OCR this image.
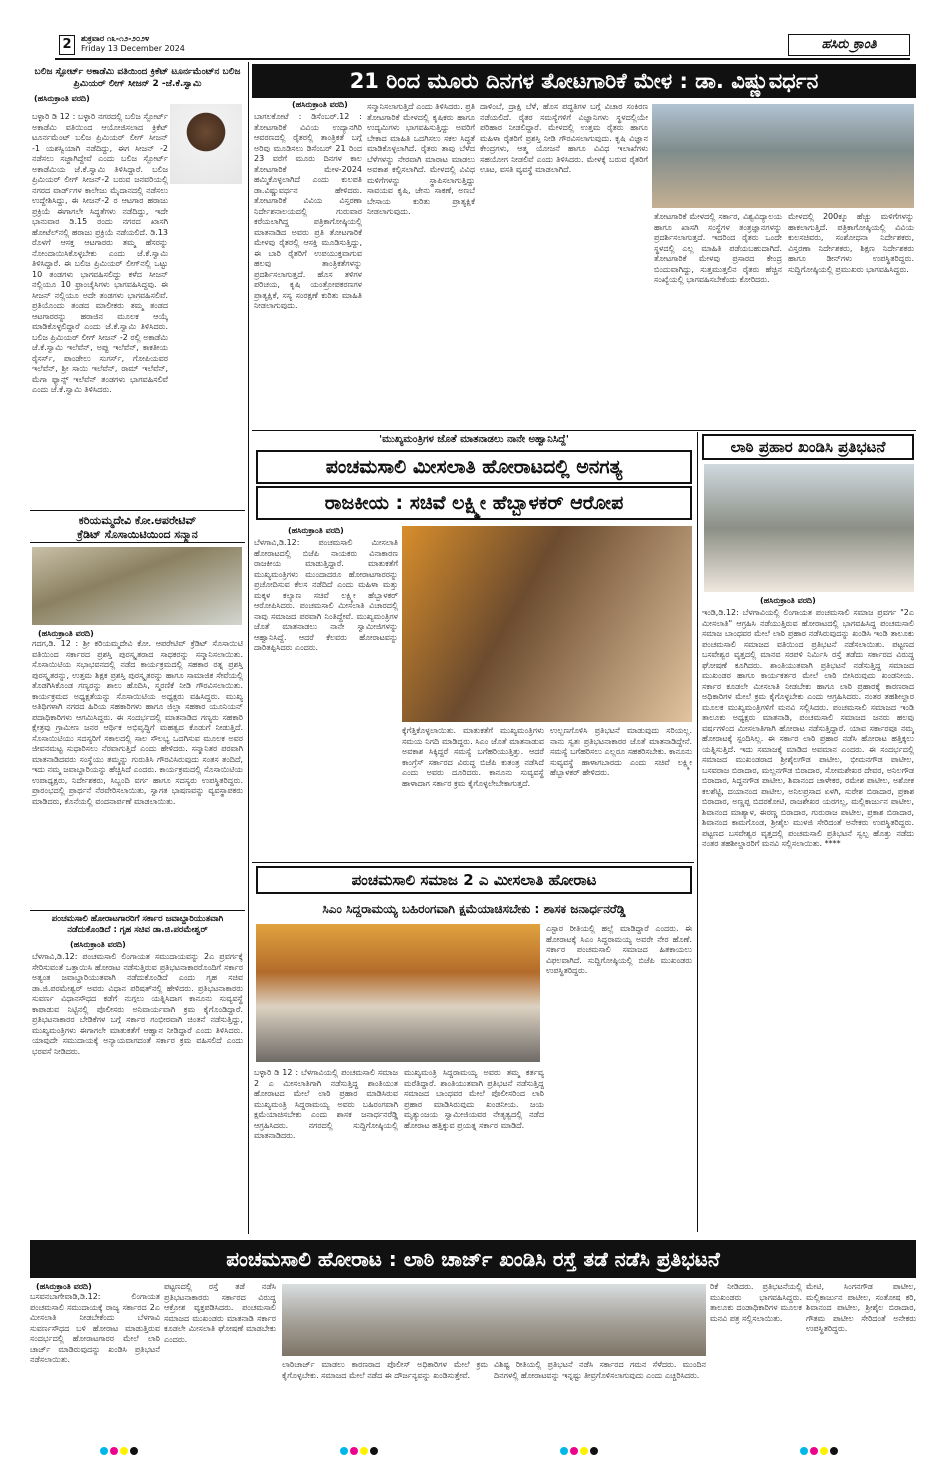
2	ಶುಕ್ರವಾರ ೧೩-೧೨-೨೦೨೪
Friday 13 December 2024	ಹಸಿರು ಕ್ರಾಂತಿ
ಬಲಿಜ ಸ್ಪೋರ್ಟ್ ಅಕಾಡೆಮಿ ವತಿಯಿಂದ ಕ್ರಿಕೆಟ್ ಟೂರ್ನಮೆಂಟ್‌ನ ಬಲಿಜ ಪ್ರಿಮಿಯರ್ ಲೀಗ್ ಸೀಜನ್ 2 -ಜೆ.ಕೆ.ಸ್ವಾಮಿ
(ಹಸಿರುಕ್ರಾಂತಿ ವರದಿ)
ಬಳ್ಳಾರಿ ಡಿ 12 : ಬಳ್ಳಾರಿ ನಗರದಲ್ಲಿ ಬಲಿಜ ಸ್ಪೋರ್ಟ್ ಅಕಾಡೆಮಿ ವತಿಯಿಂದ ಆಯೋಜಿಸಲಾದ ಕ್ರಿಕೆಟ್ ಟೂರ್ನಮೆಂಟ್ ಬಲಿಜ ಪ್ರಿಮಿಯರ್ ಲೀಗ್ ಸೀಜನ್ -1 ಯಶಸ್ವಿಯಾಗಿ ನಡೆದಿದ್ದು, ಈಗ ಸೀಜನ್ -2 ನಡೆಸಲು ಸಜ್ಜಾಗಿದ್ದೇವೆ ಎಂದು ಬಲಿಜ ಸ್ಪೋರ್ಟ್ ಅಕಾಡೆಮಿಯ ಜೆ.ಕೆ.ಸ್ವಾಮಿ ತಿಳಿಸಿದ್ದಾರೆ. ಬಲಿಜ ಪ್ರಿಮಿಯರ್ ಲೀಗ್ ಸೀಜನ್-2 ಬರುವ ಜನವರಿಯಲ್ಲಿ ನಗರದ ವಾರ್ಡ್‌ಗಳ ಕಾಲೇಜು ಮೈದಾನದಲ್ಲಿ ನಡೆಸಲು ಉದ್ದೇಶಿಸಿದ್ದು, ಈ ಸೀಜನ್-2 ರ ಆಟಗಾರ ಹರಾಜು ಪ್ರಕ್ರಿಯೆ ಈಗಾಗಲೇ ಸಿದ್ಧತೆಗಳು ನಡೆದಿದ್ದು, ಇದೇ ಭಾನುವಾರ ಡಿ.15 ರಂದು ನಗರದ ಖಾಸಗಿ ಹೋಟೆಲ್‌ನಲ್ಲಿ ಹರಾಜು ಪ್ರಕ್ರಿಯೆ ನಡೆಯಲಿದೆ. ಡಿ.13 ರೊಳಗೆ ಆಸಕ್ತ ಆಟಗಾರರು ತಮ್ಮ ಹೆಸರನ್ನು ನೋಂದಾಯಿಸಿಕೊಳ್ಳಬೇಕು ಎಂದು ಜೆ.ಕೆ.ಸ್ವಾಮಿ ತಿಳಿಸಿದ್ದಾರೆ. ಈ ಬಲಿಜ ಪ್ರಿಮಿಯರ್ ಲೀಗ್‌ನಲ್ಲಿ ಒಟ್ಟು 10 ತಂಡಗಳು ಭಾಗವಹಿಸಲಿದ್ದು ಕಳೆದ ಸೀಜನ್ ನಲ್ಲಿಯೂ 10 ಫ್ರಾಂಚೈಸಿಗಳು ಭಾಗವಹಿಸಿದ್ದವು. ಈ ಸೀಜನ್ ನಲ್ಲಿಯೂ ಅದೇ ತಂಡಗಳು ಭಾಗವಹಿಸಲಿವೆ. ಪ್ರತಿಯೊಂದು ತಂಡದ ಮಾಲೀಕರು ತಮ್ಮ ತಂಡದ ಆಟಗಾರರನ್ನು ಹರಾಜಿನ ಮೂಲಕ ಆಯ್ಕೆ ಮಾಡಿಕೊಳ್ಳಲಿದ್ದಾರೆ ಎಂದು ಜೆ.ಕೆ.ಸ್ವಾಮಿ ತಿಳಿಸಿದರು. ಬಲಿಜ ಪ್ರಿಮಿಯರ್ ಲೀಗ್ ಸೀಜನ್ -2 ರಲ್ಲಿ ಅಕಾಡೆಮಿ ಜೆ.ಕೆ.ಸ್ವಾಮಿ ಇಲೆವೆನ್, ಅಪ್ಪು ಇಲೆವೆನ್, ಕಾಕತೀಯ ರೈಸರ್ಸ್, ಪಾಂಡೇಲು ಸುಗರ್ಸ್, ಗೋಪಿಯವರ ಇಲೆವೆನ್, ಶ್ರೀ ಸಾಯಿ ಇಲೆವೆನ್, ರಾಮ್ ಇಲೆವೆನ್, ಮೆಗಾ ಫ್ಯಾನ್ಸ್ ಇಲೆವೆನ್ ತಂಡಗಳು ಭಾಗವಹಿಸಲಿವೆ ಎಂದು ಜೆ.ಕೆ.ಸ್ವಾಮಿ ತಿಳಿಸಿದರು.
ಕರಿಯಮ್ಮದೇವಿ ಕೋ.ಆಪರೇಟಿವ್
ಕ್ರೆಡಿಟ್ ಸೊಸಾಯಿಟಿಯಿಂದ ಸನ್ಮಾನ
(ಹಸಿರುಕ್ರಾಂತಿ ವರದಿ)
ಗದಗ,ಡಿ. 12 : ಶ್ರೀ ಕರಿಯಮ್ಮದೇವಿ ಕೋ. ಆಪರೇಟಿವ್ ಕ್ರೆಡಿಟ್ ಸೊಸಾಯಿಟಿ ವತಿಯಿಂದ ಸರ್ಕಾರದ ಪ್ರಶಸ್ತಿ ಪುರಸ್ಕೃತರಾದ ಸಾಧಕರನ್ನು ಸನ್ಮಾನಿಸಲಾಯಿತು. ಸೊಸಾಯಿಟಿಯ ಸಭಾಭವನದಲ್ಲಿ ನಡೆದ ಕಾರ್ಯಕ್ರಮದಲ್ಲಿ ಸಹಕಾರ ರತ್ನ ಪ್ರಶಸ್ತಿ ಪುರಸ್ಕೃತರನ್ನು, ಉತ್ತಮ ಶಿಕ್ಷಕ ಪ್ರಶಸ್ತಿ ಪುರಸ್ಕೃತರನ್ನು ಹಾಗೂ ಸಾಮಾಜಿಕ ಸೇವೆಯಲ್ಲಿ ತೊಡಗಿಸಿಕೊಂಡ ಗಣ್ಯರನ್ನು ಶಾಲು ಹೊದಿಸಿ, ಸ್ಮರಣಿಕೆ ನೀಡಿ ಗೌರವಿಸಲಾಯಿತು. ಕಾರ್ಯಕ್ರಮದ ಅಧ್ಯಕ್ಷತೆಯನ್ನು ಸೊಸಾಯಿಟಿಯ ಅಧ್ಯಕ್ಷರು ವಹಿಸಿದ್ದರು. ಮುಖ್ಯ ಅತಿಥಿಗಳಾಗಿ ನಗರದ ಹಿರಿಯ ಸಹಕಾರಿಗಳು ಹಾಗೂ ಜಿಲ್ಲಾ ಸಹಕಾರ ಯೂನಿಯನ್ ಪದಾಧಿಕಾರಿಗಳು ಆಗಮಿಸಿದ್ದರು. ಈ ಸಂದರ್ಭದಲ್ಲಿ ಮಾತನಾಡಿದ ಗಣ್ಯರು ಸಹಕಾರಿ ಕ್ಷೇತ್ರವು ಗ್ರಾಮೀಣ ಜನರ ಆರ್ಥಿಕ ಅಭಿವೃದ್ಧಿಗೆ ಮಹತ್ವದ ಕೊಡುಗೆ ನೀಡುತ್ತಿದೆ. ಸೊಸಾಯಿಟಿಯು ಸದಸ್ಯರಿಗೆ ಸಕಾಲದಲ್ಲಿ ಸಾಲ ಸೌಲಭ್ಯ ಒದಗಿಸುವ ಮೂಲಕ ಅವರ ಜೀವನಮಟ್ಟ ಸುಧಾರಿಸಲು ನೆರವಾಗುತ್ತಿದೆ ಎಂದು ಹೇಳಿದರು. ಸನ್ಮಾನಿತರ ಪರವಾಗಿ ಮಾತನಾಡಿದವರು ಸಂಸ್ಥೆಯು ತಮ್ಮನ್ನು ಗುರುತಿಸಿ ಗೌರವಿಸಿರುವುದು ಸಂತಸ ತಂದಿದೆ, ಇದು ನಮ್ಮ ಜವಾಬ್ದಾರಿಯನ್ನು ಹೆಚ್ಚಿಸಿದೆ ಎಂದರು. ಕಾರ್ಯಕ್ರಮದಲ್ಲಿ ಸೊಸಾಯಿಟಿಯ ಉಪಾಧ್ಯಕ್ಷರು, ನಿರ್ದೇಶಕರು, ಸಿಬ್ಬಂದಿ ವರ್ಗ ಹಾಗೂ ಸದಸ್ಯರು ಉಪಸ್ಥಿತರಿದ್ದರು. ಪ್ರಾರಂಭದಲ್ಲಿ ಪ್ರಾರ್ಥನೆ ನೆರವೇರಿಸಲಾಯಿತು, ಸ್ವಾಗತ ಭಾಷಣವನ್ನು ವ್ಯವಸ್ಥಾಪಕರು ಮಾಡಿದರು, ಕೊನೆಯಲ್ಲಿ ವಂದನಾರ್ಪಣೆ ಮಾಡಲಾಯಿತು.
ಪಂಚಮಸಾಲಿ ಹೋರಾಟಗಾರರಿಗೆ ಸರ್ಕಾರ ಜವಾಬ್ದಾರಿಯುತವಾಗಿ
ನಡೆದುಕೊಂಡಿದೆ : ಗೃಹ ಸಚಿವ ಡಾ.ಜಿ.ಪರಮೇಶ್ವರ್
(ಹಸಿರುಕ್ರಾಂತಿ ವರದಿ)
ಬೆಳಗಾವಿ,ಡಿ.12: ಪಂಚಮಸಾಲಿ ಲಿಂಗಾಯತ ಸಮುದಾಯವನ್ನು 2ಎ ಪ್ರವರ್ಗಕ್ಕೆ ಸೇರಿಸುವಂತೆ ಒತ್ತಾಯಿಸಿ ಹೋರಾಟ ನಡೆಸುತ್ತಿರುವ ಪ್ರತಿಭಟನಾಕಾರರೊಂದಿಗೆ ಸರ್ಕಾರ ಅತ್ಯಂತ ಜವಾಬ್ದಾರಿಯುತವಾಗಿ ನಡೆದುಕೊಂಡಿದೆ ಎಂದು ಗೃಹ ಸಚಿವ ಡಾ.ಜಿ.ಪರಮೇಶ್ವರ್ ಅವರು ವಿಧಾನ ಪರಿಷತ್‌ನಲ್ಲಿ ಹೇಳಿದರು. ಪ್ರತಿಭಟನಾಕಾರರು ಸುವರ್ಣ ವಿಧಾನಸೌಧದ ಕಡೆಗೆ ನುಗ್ಗಲು ಯತ್ನಿಸಿದಾಗ ಕಾನೂನು ಸುವ್ಯವಸ್ಥೆ ಕಾಪಾಡುವ ನಿಟ್ಟಿನಲ್ಲಿ ಪೊಲೀಸರು ಅನಿವಾರ್ಯವಾಗಿ ಕ್ರಮ ಕೈಗೊಂಡಿದ್ದಾರೆ. ಪ್ರತಿಭಟನಾಕಾರರ ಬೇಡಿಕೆಗಳ ಬಗ್ಗೆ ಸರ್ಕಾರ ಗಂಭೀರವಾಗಿ ಚಿಂತನೆ ನಡೆಸುತ್ತಿದ್ದು, ಮುಖ್ಯಮಂತ್ರಿಗಳು ಈಗಾಗಲೇ ಮಾತುಕತೆಗೆ ಆಹ್ವಾನ ನೀಡಿದ್ದಾರೆ ಎಂದು ತಿಳಿಸಿದರು. ಯಾವುದೇ ಸಮುದಾಯಕ್ಕೆ ಅನ್ಯಾಯವಾಗದಂತೆ ಸರ್ಕಾರ ಕ್ರಮ ವಹಿಸಲಿದೆ ಎಂದು ಭರವಸೆ ನೀಡಿದರು.
21 ರಿಂದ ಮೂರು ದಿನಗಳ ತೋಟಗಾರಿಕೆ ಮೇಳ : ಡಾ. ವಿಷ್ಣುವರ್ಧನ
(ಹಸಿರುಕ್ರಾಂತಿ ವರದಿ)
ಬಾಗಲಕೋಟೆ : ಡಿಸೆಂಬರ್.12 : ತೋಟಗಾರಿಕೆ ವಿವಿಯ ಉದ್ಯಾನಗಿರಿ ಆವರಣದಲ್ಲಿ ರೈತರಲ್ಲಿ ತಾಂತ್ರಿಕತೆ ಬಗ್ಗೆ ಅರಿವು ಮೂಡಿಸಲು ಡಿಸೆಂಬರ್ 21 ರಿಂದ 23 ವರೆಗೆ ಮೂರು ದಿನಗಳ ಕಾಲ ತೋಟಗಾರಿಕೆ ಮೇಳ-2024 ಹಮ್ಮಿಕೊಳ್ಳಲಾಗಿದೆ ಎಂದು ಕುಲಪತಿ ಡಾ.ವಿಷ್ಣುವರ್ಧನ ಹೇಳಿದರು. ತೋಟಗಾರಿಕೆ ವಿವಿಯ ವಿಸ್ತರಣಾ ನಿರ್ದೇಶನಾಲಯದಲ್ಲಿ ಗುರುವಾರ ಕರೆಯಲಾಗಿದ್ದ ಪತ್ರಿಕಾಗೋಷ್ಠಿಯಲ್ಲಿ ಮಾತನಾಡಿದ ಅವರು ಪ್ರತಿ ತೋಟಗಾರಿಕೆ ಮೇಳವು ರೈತರಲ್ಲಿ ಆಸಕ್ತಿ ಮೂಡಿಸುತ್ತಿದ್ದು, ಈ ಬಾರಿ ರೈತರಿಗೆ ಉಪಯುಕ್ತವಾಗುವ ಹಲವು ತಾಂತ್ರಿಕತೆಗಳನ್ನು ಪ್ರದರ್ಶಿಸಲಾಗುತ್ತದೆ. ಹೊಸ ತಳಿಗಳ ಪರಿಚಯ, ಕೃಷಿ ಯಂತ್ರೋಪಕರಣಗಳ ಪ್ರಾತ್ಯಕ್ಷಿಕೆ, ಸಸ್ಯ ಸಂರಕ್ಷಣೆ ಕುರಿತು ಮಾಹಿತಿ ನೀಡಲಾಗುವುದು.
ಸನ್ಮಾನಿಸಲಾಗುತ್ತಿದೆ ಎಂದು ತಿಳಿಸಿದರು. ಪ್ರತಿ ತೋಟಗಾರಿಕೆ ಮೇಳದಲ್ಲಿ ಕೃಷಿಕರು ಹಾಗೂ ಉದ್ಯಮಿಗಳು ಭಾಗವಹಿಸುತ್ತಿದ್ದು ಅವರಿಗೆ ಬೇಕಾದ ಮಾಹಿತಿ ಒದಗಿಸಲು ಸಕಲ ಸಿದ್ಧತೆ ಮಾಡಿಕೊಳ್ಳಲಾಗಿದೆ. ರೈತರು ತಾವು ಬೆಳೆದ ಬೆಳೆಗಳನ್ನು ನೇರವಾಗಿ ಮಾರಾಟ ಮಾಡಲು ಅವಕಾಶ ಕಲ್ಪಿಸಲಾಗಿದೆ. ಮೇಳದಲ್ಲಿ ವಿವಿಧ ಮಳಿಗೆಗಳನ್ನು ಸ್ಥಾಪಿಸಲಾಗುತ್ತಿದ್ದು ಸಾವಯವ ಕೃಷಿ, ಜೇನು ಸಾಕಣೆ, ಅಣಬೆ ಬೇಸಾಯ ಕುರಿತು ಪ್ರಾತ್ಯಕ್ಷಿಕೆ ನೀಡಲಾಗುವುದು.
ದಾಳಿಂಬೆ, ದ್ರಾಕ್ಷಿ ಬೆಳೆ, ಹೊಸ ಪದ್ಧತಿಗಳ ಬಗ್ಗೆ ವಿಚಾರ ಸಂಕಿರಣ ನಡೆಯಲಿದೆ. ರೈತರ ಸಮಸ್ಯೆಗಳಿಗೆ ವಿಜ್ಞಾನಿಗಳು ಸ್ಥಳದಲ್ಲಿಯೇ ಪರಿಹಾರ ನೀಡಲಿದ್ದಾರೆ. ಮೇಳದಲ್ಲಿ ಉತ್ತಮ ರೈತರು ಹಾಗೂ ಮಹಿಳಾ ರೈತರಿಗೆ ಪ್ರಶಸ್ತಿ ನೀಡಿ ಗೌರವಿಸಲಾಗುವುದು. ಕೃಷಿ ವಿಜ್ಞಾನ ಕೇಂದ್ರಗಳು, ಆತ್ಮ ಯೋಜನೆ ಹಾಗೂ ವಿವಿಧ ಇಲಾಖೆಗಳು ಸಹಯೋಗ ನೀಡಲಿವೆ ಎಂದು ತಿಳಿಸಿದರು. ಮೇಳಕ್ಕೆ ಬರುವ ರೈತರಿಗೆ ಊಟ, ವಸತಿ ವ್ಯವಸ್ಥೆ ಮಾಡಲಾಗಿದೆ.
ತೋಟಗಾರಿಕೆ ಮೇಳದಲ್ಲಿ ಸರ್ಕಾರ, ವಿಶ್ವವಿದ್ಯಾಲಯ ಹಾಗೂ ಖಾಸಗಿ ಸಂಸ್ಥೆಗಳ ತಂತ್ರಜ್ಞಾನಗಳನ್ನು ಪ್ರದರ್ಶಿಸಲಾಗುತ್ತದೆ. ಇದರಿಂದ ರೈತರು ಒಂದೇ ಸ್ಥಳದಲ್ಲಿ ಎಲ್ಲ ಮಾಹಿತಿ ಪಡೆಯಬಹುದಾಗಿದೆ. ತೋಟಗಾರಿಕೆ ಮೇಳವು ಪ್ರಸಾರದ ಕೇಂದ್ರ ಬಿಂದುವಾಗಿದ್ದು, ಸುತ್ತಮುತ್ತಲಿನ ರೈತರು ಹೆಚ್ಚಿನ ಸಂಖ್ಯೆಯಲ್ಲಿ ಭಾಗವಹಿಸಬೇಕೆಂದು ಕೋರಿದರು.
ಮೇಳದಲ್ಲಿ 200ಕ್ಕೂ ಹೆಚ್ಚು ಮಳಿಗೆಗಳನ್ನು ಹಾಕಲಾಗುತ್ತಿದೆ. ಪತ್ರಿಕಾಗೋಷ್ಠಿಯಲ್ಲಿ ವಿವಿಯ ಕುಲಸಚಿವರು, ಸಂಶೋಧನಾ ನಿರ್ದೇಶಕರು, ವಿಸ್ತರಣಾ ನಿರ್ದೇಶಕರು, ಶಿಕ್ಷಣ ನಿರ್ದೇಶಕರು ಹಾಗೂ ಡೀನ್‌ಗಳು ಉಪಸ್ಥಿತರಿದ್ದರು. ಸುದ್ದಿಗೋಷ್ಠಿಯಲ್ಲಿ ಪ್ರಮುಖರು ಭಾಗವಹಿಸಿದ್ದರು.
'ಮುಖ್ಯಮಂತ್ರಿಗಳ ಜೊತೆ ಮಾತನಾಡಲು ನಾನೇ ಅಹ್ವಾನಿಸಿದ್ದೆ'
ಪಂಚಮಸಾಲಿ ಮೀಸಲಾತಿ ಹೋರಾಟದಲ್ಲಿ ಅನಗತ್ಯ
ರಾಜಕೀಯ : ಸಚಿವೆ ಲಕ್ಷ್ಮೀ ಹೆಬ್ಬಾಳಕರ್ ಆರೋಪ
(ಹಸಿರುಕ್ರಾಂತಿ ವರದಿ)
ಬೆಳಗಾವಿ,ಡಿ.12: ಪಂಚಮಸಾಲಿ ಮೀಸಲಾತಿ ಹೋರಾಟದಲ್ಲಿ ಬಿಜೆಪಿ ನಾಯಕರು ವಿನಾಕಾರಣ ರಾಜಕೀಯ ಮಾಡುತ್ತಿದ್ದಾರೆ. ಮಾತುಕತೆಗೆ ಮುಖ್ಯಮಂತ್ರಿಗಳು ಮುಂದಾದರೂ ಹೋರಾಟಗಾರರನ್ನು ಪ್ರಚೋದಿಸುವ ಕೆಲಸ ನಡೆದಿದೆ ಎಂದು ಮಹಿಳಾ ಮತ್ತು ಮಕ್ಕಳ ಕಲ್ಯಾಣ ಸಚಿವೆ ಲಕ್ಷ್ಮೀ ಹೆಬ್ಬಾಳಕರ್ ಆರೋಪಿಸಿದರು. ಪಂಚಮಸಾಲಿ ಮೀಸಲಾತಿ ವಿಚಾರದಲ್ಲಿ ನಾವು ಸಮಾಜದ ಪರವಾಗಿ ನಿಂತಿದ್ದೇವೆ. ಮುಖ್ಯಮಂತ್ರಿಗಳ ಜೊತೆ ಮಾತನಾಡಲು ನಾನೇ ಸ್ವಾಮೀಜಿಗಳನ್ನು ಆಹ್ವಾನಿಸಿದ್ದೆ. ಆದರೆ ಕೆಲವರು ಹೋರಾಟವನ್ನು ದಾರಿತಪ್ಪಿಸಿದರು ಎಂದರು.
ಕ್ಕೆಗೆತ್ತಿಕೊಳ್ಳಲಾಯಿತು. ಮಾತುಕತೆಗೆ ಮುಖ್ಯಮಂತ್ರಿಗಳು ಸಮಯ ನಿಗದಿ ಮಾಡಿದ್ದರು. ಸಿಎಂ ಜೊತೆ ಮಾತನಾಡುವ ಅವಕಾಶ ಸಿಕ್ಕಿದ್ದರೆ ಸಮಸ್ಯೆ ಬಗೆಹರಿಯುತ್ತಿತ್ತು. ಆದರೆ ಕಾಂಗ್ರೆಸ್ ಸರ್ಕಾರದ ವಿರುದ್ಧ ಬಿಜೆಪಿ ಕುತಂತ್ರ ನಡೆಸಿದೆ ಎಂದು ಅವರು ದೂರಿದರು. ಕಾನೂನು ಸುವ್ಯವಸ್ಥೆ ಹಾಳಾದಾಗ ಸರ್ಕಾರ ಕ್ರಮ ಕೈಗೊಳ್ಳಲೇಬೇಕಾಗುತ್ತದೆ.
ಉಲ್ಬಣಗೊಳಿಸಿ ಪ್ರತಿಭಟನೆ ಮಾಡುವುದು ಸರಿಯಲ್ಲ. ನಾನು ಸ್ವತಃ ಪ್ರತಿಭಟನಾಕಾರರ ಜೊತೆ ಮಾತನಾಡಿದ್ದೇನೆ. ಸಮಸ್ಯೆ ಬಗೆಹರಿಸಲು ಎಲ್ಲರೂ ಸಹಕರಿಸಬೇಕು. ಕಾನೂನು ಸುವ್ಯವಸ್ಥೆ ಹಾಳಾಗಬಾರದು ಎಂದು ಸಚಿವೆ ಲಕ್ಷ್ಮೀ ಹೆಬ್ಬಾಳಕರ್ ಹೇಳಿದರು.
ಲಾಠಿ ಪ್ರಹಾರ ಖಂಡಿಸಿ ಪ್ರತಿಭಟನೆ
(ಹಸಿರುಕ್ರಾಂತಿ ವರದಿ)
ಇಂಡಿ,ಡಿ.12: ಬೆಳಗಾವಿಯಲ್ಲಿ ಲಿಂಗಾಯತ ಪಂಚಮಸಾಲಿ ಸಮಾಜ ಪ್ರವರ್ಗ "2ಎ ಮೀಸಲಾತಿ" ಆಗ್ರಹಿಸಿ ನಡೆಯುತ್ತಿರುವ ಹೋರಾಟದಲ್ಲಿ ಭಾಗವಹಿಸಿದ್ದ ಪಂಚಮಸಾಲಿ ಸಮಾಜ ಬಾಂಧವರ ಮೇಲೆ ಲಾಠಿ ಪ್ರಹಾರ ನಡೆಸಿರುವುದನ್ನು ಖಂಡಿಸಿ ಇಂಡಿ ತಾಲೂಕು ಪಂಚಮಸಾಲಿ ಸಮಾಜದ ವತಿಯಿಂದ ಪ್ರತಿಭಟನೆ ನಡೆಸಲಾಯಿತು. ಪಟ್ಟಣದ ಬಸವೇಶ್ವರ ವೃತ್ತದಲ್ಲಿ ಮಾನವ ಸರಪಳಿ ನಿರ್ಮಿಸಿ ರಸ್ತೆ ತಡೆದು ಸರ್ಕಾರದ ವಿರುದ್ಧ ಘೋಷಣೆ ಕೂಗಿದರು. ಶಾಂತಿಯುತವಾಗಿ ಪ್ರತಿಭಟನೆ ನಡೆಸುತ್ತಿದ್ದ ಸಮಾಜದ ಮುಖಂಡರ ಹಾಗೂ ಕಾರ್ಯಕರ್ತರ ಮೇಲೆ ಲಾಠಿ ಬೀಸಿರುವುದು ಖಂಡನೀಯ. ಸರ್ಕಾರ ಕೂಡಲೇ ಮೀಸಲಾತಿ ನೀಡಬೇಕು ಹಾಗೂ ಲಾಠಿ ಪ್ರಹಾರಕ್ಕೆ ಕಾರಣರಾದ ಅಧಿಕಾರಿಗಳ ಮೇಲೆ ಕ್ರಮ ಕೈಗೊಳ್ಳಬೇಕು ಎಂದು ಆಗ್ರಹಿಸಿದರು. ನಂತರ ತಹಶೀಲ್ದಾರ ಮೂಲಕ ಮುಖ್ಯಮಂತ್ರಿಗಳಿಗೆ ಮನವಿ ಸಲ್ಲಿಸಿದರು. ಪಂಚಮಸಾಲಿ ಸಮಾಜದ ಇಂಡಿ ತಾಲೂಕು ಅಧ್ಯಕ್ಷರು ಮಾತನಾಡಿ, ಪಂಚಮಸಾಲಿ ಸಮಾಜದ ಜನರು ಹಲವು ವರ್ಷಗಳಿಂದ ಮೀಸಲಾತಿಗಾಗಿ ಹೋರಾಟ ನಡೆಸುತ್ತಿದ್ದಾರೆ. ಯಾವ ಸರ್ಕಾರವೂ ನಮ್ಮ ಹೋರಾಟಕ್ಕೆ ಸ್ಪಂದಿಸಿಲ್ಲ. ಈ ಸರ್ಕಾರ ಲಾಠಿ ಪ್ರಹಾರ ನಡೆಸಿ ಹೋರಾಟ ಹತ್ತಿಕ್ಕಲು ಯತ್ನಿಸುತ್ತಿದೆ. ಇದು ಸಮಾಜಕ್ಕೆ ಮಾಡಿದ ಅವಮಾನ ಎಂದರು. ಈ ಸಂದರ್ಭದಲ್ಲಿ ಸಮಾಜದ ಮುಖಂಡರಾದ ಶ್ರೀಶೈಲಗೌಡ ಪಾಟೀಲ, ಭೀಮನಗೌಡ ಪಾಟೀಲ, ಬಸವರಾಜ ಬಿರಾದಾರ, ಮಲ್ಲನಗೌಡ ಬಿರಾದಾರ, ಸೋಮಶೇಖರ ದೇವರ, ಅನಿಲಗೌಡ ಬಿರಾದಾರ, ಸಿದ್ದನಗೌಡ ಪಾಟೀಲ, ಶಿವಾನಂದ ಚಾಳೇಕರ, ರಮೇಶ ಪಾಟೀಲ, ಅಶೋಕ ಕಲಶೆಟ್ಟಿ, ದಯಾನಂದ ಪಾಟೀಲ, ಅನಿಲಪ್ರಸಾದ ಏಳಗಿ, ಸುರೇಶ ಬಿರಾದಾರ, ಪ್ರಕಾಶ ಬಿರಾದಾರ, ಅಣ್ಣಪ್ಪ ಬಿದರಕೋಟಿ, ರಾಜಶೇಖರ ಯರಗಲ್ಲ, ಮಲ್ಲಿಕಾರ್ಜುನ ಪಾಟೀಲ, ಶಿವಾನಂದ ಮಾಶ್ಯಾಳ, ಈರಣ್ಣ ಬಿರಾದಾರ, ಗುರುರಾಜ ಪಾಟೀಲ, ಪ್ರಕಾಶ ಬಿರಾದಾರ, ಶಿವಾನಂದ ಕಾಮಗೊಂಡ, ಶ್ರೀಶೈಲ ಮುಳಜಿ ಸೇರಿದಂತೆ ಅನೇಕರು ಉಪಸ್ಥಿತರಿದ್ದರು. ಪಟ್ಟಣದ ಬಸವೇಶ್ವರ ವೃತ್ತದಲ್ಲಿ ಪಂಚಮಸಾಲಿ ಪ್ರತಿಭಟನೆ ಸ್ವಲ್ಪ ಹೊತ್ತು ನಡೆದು ನಂತರ ತಹಶೀಲ್ದಾರರಿಗೆ ಮನವಿ ಸಲ್ಲಿಸಲಾಯಿತು. ****
ಪಂಚಮಸಾಲಿ ಸಮಾಜ 2 ಎ ಮೀಸಲಾತಿ ಹೋರಾಟ
ಸಿಎಂ ಸಿದ್ದರಾಮಯ್ಯ ಬಹಿರಂಗವಾಗಿ ಕ್ಷಮೆಯಾಚಿಸಬೇಕು : ಶಾಸಕ ಜನಾರ್ಧನರೆಡ್ಡಿ
ಎಸ್ಟಾರ ರೀತಿಯಲ್ಲಿ ಹಲ್ಲೆ ಮಾಡಿದ್ದಾರೆ ಎಂದರು. ಈ ಹೋರಾಟಕ್ಕೆ ಸಿಎಂ ಸಿದ್ದರಾಮಯ್ಯ ಅವರೇ ನೇರ ಹೊಣೆ. ಸರ್ಕಾರ ಪಂಚಮಸಾಲಿ ಸಮಾಜದ ಹಿತಕಾಯಲು ವಿಫಲವಾಗಿದೆ. ಸುದ್ದಿಗೋಷ್ಠಿಯಲ್ಲಿ ಬಿಜೆಪಿ ಮುಖಂಡರು ಉಪಸ್ಥಿತರಿದ್ದರು.
ಬಳ್ಳಾರಿ ಡಿ 12 : ಬೆಳಗಾವಿಯಲ್ಲಿ ಪಂಚಮಸಾಲಿ ಸಮಾಜ 2 ಎ ಮೀಸಲಾತಿಗಾಗಿ ನಡೆಸುತ್ತಿದ್ದ ಶಾಂತಿಯುತ ಹೋರಾಟದ ಮೇಲೆ ಲಾಠಿ ಪ್ರಹಾರ ಮಾಡಿಸಿರುವ ಮುಖ್ಯಮಂತ್ರಿ ಸಿದ್ದರಾಮಯ್ಯ ಅವರು ಬಹಿರಂಗವಾಗಿ ಕ್ಷಮೆಯಾಚಿಸಬೇಕು ಎಂದು ಶಾಸಕ ಜನಾರ್ಧನರೆಡ್ಡಿ ಆಗ್ರಹಿಸಿದರು. ನಗರದಲ್ಲಿ ಸುದ್ದಿಗೋಷ್ಠಿಯಲ್ಲಿ ಮಾತನಾಡಿದರು.
ಮುಖ್ಯಮಂತ್ರಿ ಸಿದ್ದರಾಮಯ್ಯ ಅವರು ತಮ್ಮ ಕರ್ತವ್ಯ ಮರೆತಿದ್ದಾರೆ. ಶಾಂತಿಯುತವಾಗಿ ಪ್ರತಿಭಟನೆ ನಡೆಸುತ್ತಿದ್ದ ಸಮಾಜದ ಬಾಂಧವರ ಮೇಲೆ ಪೊಲೀಸರಿಂದ ಲಾಠಿ ಪ್ರಹಾರ ಮಾಡಿಸಿರುವುದು ಖಂಡನೀಯ. ಜಯ ಮೃತ್ಯುಂಜಯ ಸ್ವಾಮೀಜಿಯವರ ನೇತೃತ್ವದಲ್ಲಿ ನಡೆದ ಹೋರಾಟ ಹತ್ತಿಕ್ಕುವ ಪ್ರಯತ್ನ ಸರ್ಕಾರ ಮಾಡಿದೆ.
ಪಂಚಮಸಾಲಿ ಹೋರಾಟ : ಲಾಠಿ ಚಾರ್ಜ್ ಖಂಡಿಸಿ ರಸ್ತೆ ತಡೆ ನಡೆಸಿ ಪ್ರತಿಭಟನೆ
(ಹಸಿರುಕ್ರಾಂತಿ ವರದಿ)
ಬಸವನಬಾಗೇವಾಡಿ,ಡಿ.12: ಲಿಂಗಾಯತ ಪಂಚಮಸಾಲಿ ಸಮುದಾಯಕ್ಕೆ ರಾಜ್ಯ ಸರ್ಕಾರದ 2ಎ ಮೀಸಲಾತಿ ನೀಡಬೇಕೆಂದು ಬೆಳಗಾವಿ ಸುವರ್ಣಸೌಧದ ಬಳಿ ಹೋರಾಟ ಮಾಡುತ್ತಿರುವ ಸಂದರ್ಭದಲ್ಲಿ ಹೋರಾಟಗಾರರ ಮೇಲೆ ಲಾಠಿ ಚಾರ್ಜ್ ಮಾಡಿರುವುದನ್ನು ಖಂಡಿಸಿ ಪ್ರತಿಭಟನೆ ನಡೆಸಲಾಯಿತು.
ಪಟ್ಟಣದಲ್ಲಿ ರಸ್ತೆ ತಡೆ ನಡೆಸಿ ಪ್ರತಿಭಟನಾಕಾರರು ಸರ್ಕಾರದ ವಿರುದ್ಧ ಆಕ್ರೋಶ ವ್ಯಕ್ತಪಡಿಸಿದರು. ಪಂಚಮಸಾಲಿ ಸಮಾಜದ ಮುಖಂಡರು ಮಾತನಾಡಿ ಸರ್ಕಾರ ಕೂಡಲೇ ಮೀಸಲಾತಿ ಘೋಷಣೆ ಮಾಡಬೇಕು ಎಂದರು.
ಲಾಠಿಚಾರ್ಜ್ ಮಾಡಲು ಕಾರಣರಾದ ಪೊಲೀಸ್ ಅಧಿಕಾರಿಗಳ ಮೇಲೆ ಕ್ರಮ ಕೈಗೊಳ್ಳಬೇಕು. ಸಮಾಜದ ಮೇಲೆ ನಡೆದ ಈ ದೌರ್ಜನ್ಯವನ್ನು ಖಂಡಿಸುತ್ತೇವೆ.
ವಿಶಿಷ್ಟ ರೀತಿಯಲ್ಲಿ ಪ್ರತಿಭಟನೆ ನಡೆಸಿ ಸರ್ಕಾರದ ಗಮನ ಸೆಳೆದರು. ಮುಂದಿನ ದಿನಗಳಲ್ಲಿ ಹೋರಾಟವನ್ನು ಇನ್ನಷ್ಟು ತೀವ್ರಗೊಳಿಸಲಾಗುವುದು ಎಂದು ಎಚ್ಚರಿಸಿದರು.
ರಿಕೆ ನೀಡಿದರು. ಪ್ರತಿಭಟನೆಯಲ್ಲಿ ಮುಖಂಡರು ಭಾಗವಹಿಸಿದ್ದರು. ತಾಲೂಕು ದಂಡಾಧಿಕಾರಿಗಳ ಮೂಲಕ ಮನವಿ ಪತ್ರ ಸಲ್ಲಿಸಲಾಯಿತು.
ಮೇಟಿ, ಸಿಂಗನಗೌಡ ಪಾಟೀಲ, ಮಲ್ಲಿಕಾರ್ಜುನ ಪಾಟೀಲ, ಸಂತೋಷ ಕರಿ, ಶಿವಾನಂದ ಪಾಟೀಲ, ಶ್ರೀಶೈಲ ಬಿರಾದಾರ, ಗೌತಮ ಪಾಟೀಲ ಸೇರಿದಂತೆ ಅನೇಕರು ಉಪಸ್ಥಿತರಿದ್ದರು.
